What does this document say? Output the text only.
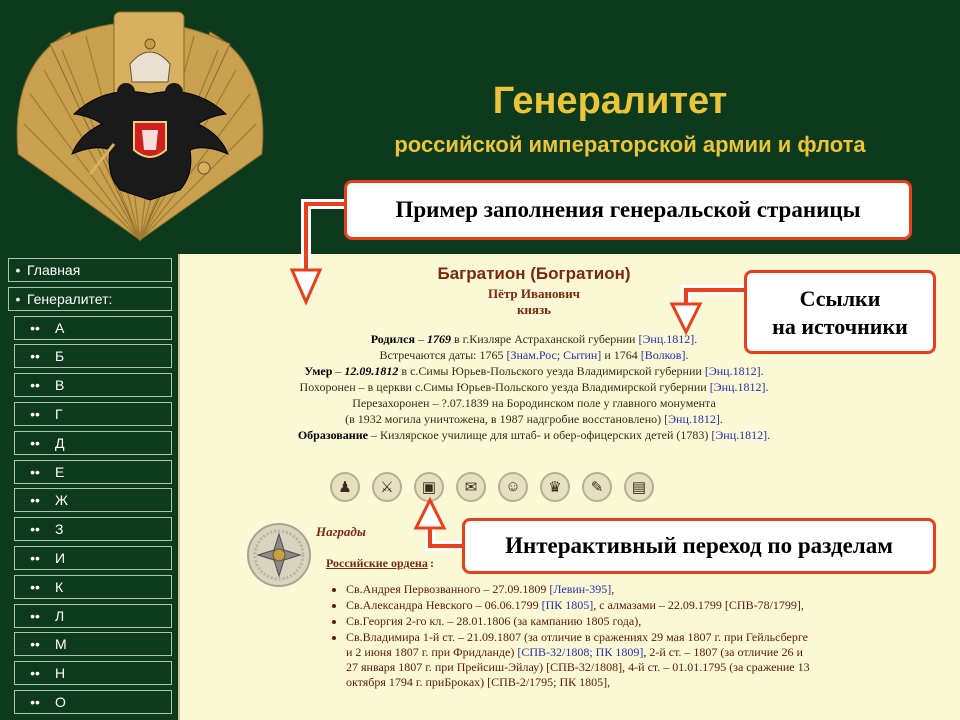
Генералитет
российской императорской армии и флота
• Главная
• Генералитет:
•• А
•• Б
•• В
•• Г
•• Д
•• Е
•• Ж
•• З
•• И
•• К
•• Л
•• М
•• Н
•• О
Багратион (Богратион)
Пётр Иванович
князь
Родился – 1769 в г.Кизляре Астраханской губернии [Энц.1812].
Встречаются даты: 1765 [Знам.Рос; Сытин] и 1764 [Волков].
Умер – 12.09.1812 в с.Симы Юрьев-Польского уезда Владимирской губернии [Энц.1812].
Похоронен – в церкви с.Симы Юрьев-Польского уезда Владимирской губернии [Энц.1812].
Перезахоронен – ?.07.1839 на Бородинском поле у главного монумента
(в 1932 могила уничтожена, в 1987 надгробие восстановлено) [Энц.1812].
Образование – Кизлярское училище для штаб- и обер-офицерских детей (1783) [Энц.1812].
♟	⚔	▣	✉	☺	♛	✎	▤
Награды
Российские ордена :
• Св.Андрея Первозванного – 27.09.1809 [Левин-395],
• Св.Александра Невского – 06.06.1799 [ПК 1805], с алмазами – 22.09.1799 [СПВ-78/1799],
• Св.Георгия 2-го кл. – 28.01.1806 (за кампанию 1805 года),
• Св.Владимира 1-й ст. – 21.09.1807 (за отличие в сражениях 29 мая 1807 г. при Гейльсберге и 2 июня 1807 г. при Фридланде) [СПВ-32/1808; ПК 1809], 2-й ст. – 1807 (за отличие 26 и 27 января 1807 г. при Прейсиш-Эйлау) [СПВ-32/1808], 4-й ст. – 01.01.1795 (за сражение 13 октября 1794 г. приБроках) [СПВ-2/1795; ПК 1805],
Пример заполнения генеральской страницы
Ссылки
на источники
Интерактивный переход по разделам
